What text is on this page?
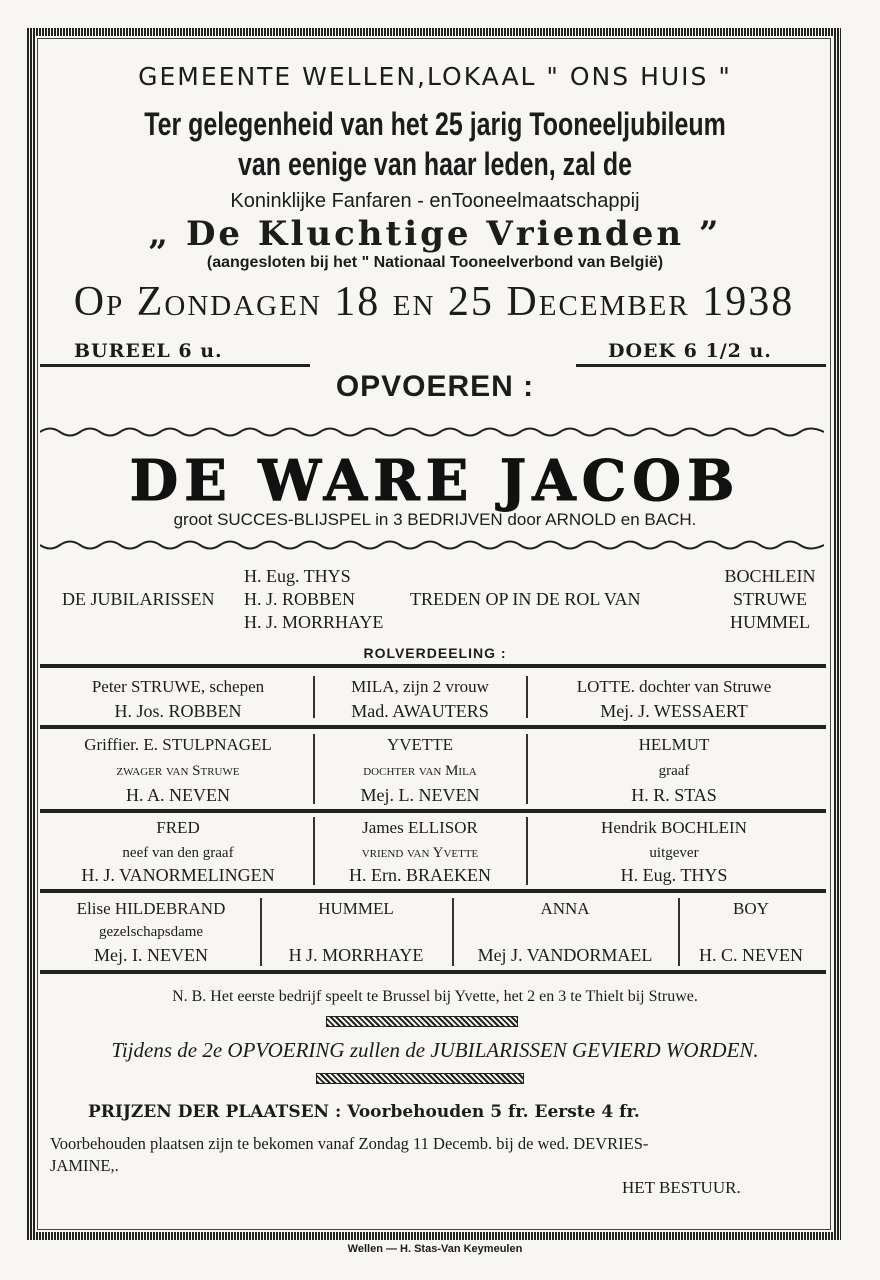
GEMEENTE WELLEN,LOKAAL " ONS HUIS "
Ter gelegenheid van het 25 jarig Tooneeljubileum
van eenige van haar leden, zal de
Koninklijke Fanfaren - enTooneelmaatschappij
„ De Kluchtige Vrienden ”
(aangesloten bij het " Nationaal Tooneelverbond van België)
Op Zondagen 18 en 25 December 1938
BUREEL 6 u.	DOEK 6 1/2 u.
OPVOEREN :
DE WARE JACOB
groot SUCCES-BLIJSPEL in 3 BEDRIJVEN door ARNOLD en BACH.
DE JUBILARISSEN
H. Eug. THYS
H. J. ROBBEN
H. J. MORRHAYE
TREDEN OP IN DE ROL VAN
BOCHLEIN
STRUWE
HUMMEL
ROLVERDEELING :
Peter STRUWE, schepen
H. Jos. ROBBEN
MILA, zijn 2 vrouw
Mad. AWAUTERS
LOTTE. dochter van Struwe
Mej. J. WESSAERT
Griffier. E. STULPNAGEL
zwager van Struwe
H. A. NEVEN
YVETTE
dochter van Mila
Mej. L. NEVEN
HELMUT
graaf
H. R. STAS
FRED
neef van den graaf
H. J. VANORMELINGEN
James ELLISOR
vriend van Yvette
H. Ern. BRAEKEN
Hendrik BOCHLEIN
uitgever
H. Eug. THYS
Elise HILDEBRAND
gezelschapsdame
Mej. I. NEVEN
HUMMEL
H J. MORRHAYE
ANNA
Mej J. VANDORMAEL
BOY
H. C. NEVEN
N. B. Het eerste bedrijf speelt te Brussel bij Yvette, het 2 en 3 te Thielt bij Struwe.
Tijdens de 2e OPVOERING zullen de JUBILARISSEN GEVIERD WORDEN.
PRIJZEN DER PLAATSEN : Voorbehouden 5 fr. Eerste 4 fr.
Voorbehouden plaatsen zijn te bekomen vanaf Zondag 11 Decemb. bij de wed. DEVRIES-
JAMINE,.
HET BESTUUR.
Wellen — H. Stas-Van Keymeulen
